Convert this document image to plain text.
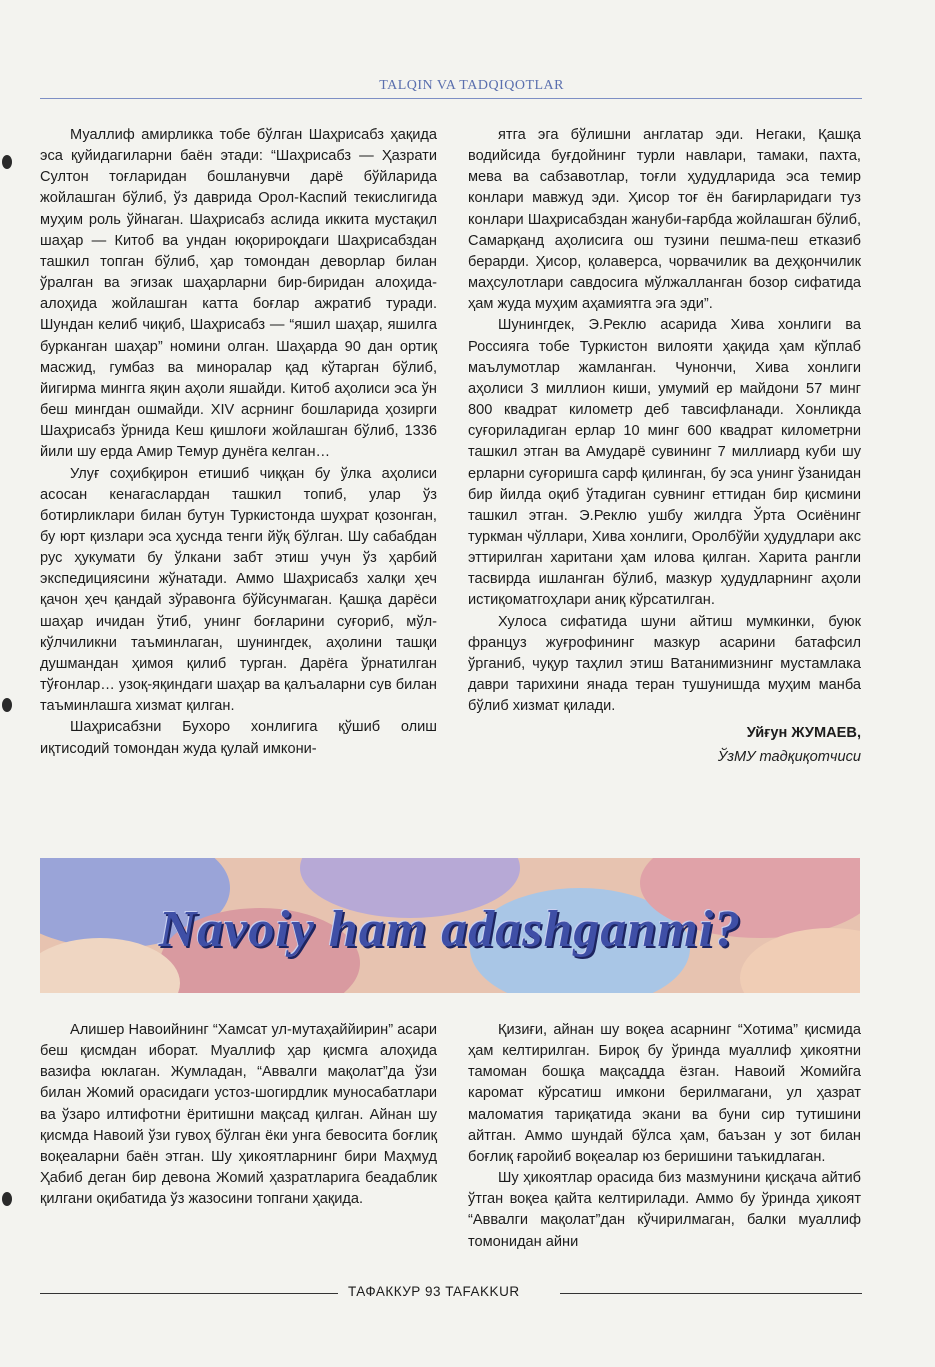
TALQIN VA TADQIQOTLAR

Муаллиф амирликка тобе бўлган Шаҳрисабз ҳақида эса қуйидагиларни баён этади: “Шаҳрисабз — Ҳазрати Султон тоғларидан бошланувчи дарё бўйларида жойлашган бўлиб, ўз даврида Орол-Каспий текислигида муҳим роль ўйнаган. Шаҳрисабз аслида иккита мустақил шаҳар — Китоб ва ундан юқорироқдаги Шаҳрисабздан ташкил топган бўлиб, ҳар томондан деворлар билан ўралган ва эгизак шаҳарларни бир-биридан алоҳида-алоҳида жойлашган катта боғлар ажратиб туради. Шундан келиб чиқиб, Шаҳрисабз — “яшил шаҳар, яшилга бурканган шаҳар” номини олган. Шаҳарда 90 дан ортиқ масжид, гумбаз ва миноралар қад кўтарган бўлиб, йигирма мингга яқин аҳоли яшайди. Китоб аҳолиси эса ўн беш мингдан ошмайди. XIV асрнинг бошларида ҳозирги Шаҳрисабз ўрнида Кеш қишлоғи жойлашган бўлиб, 1336 йили шу ерда Амир Темур дунёга келган…

Улуғ соҳибқирон етишиб чиққан бу ўлка аҳолиси асосан кенагаслардан ташкил топиб, улар ўз ботирликлари билан бутун Туркистонда шуҳрат қозонган, бу юрт қизлари эса ҳуснда тенги йўқ бўлган. Шу сабабдан рус ҳукумати бу ўлкани забт этиш учун ўз ҳарбий экспедициясини жўнатади. Аммо Шаҳрисабз халқи ҳеч қачон ҳеч қандай зўравонга бўйсунмаган. Қашқа дарёси шаҳар ичидан ўтиб, унинг боғларини суғориб, мўл-кўлчиликни таъминлаган, шунингдек, аҳолини ташқи душмандан ҳимоя қилиб турган. Дарёга ўрнатилган тўғонлар… узоқ-яқиндаги шаҳар ва қалъаларни сув билан таъминлашга хизмат қилган.

Шаҳрисабзни Бухоро хонлигига қўшиб олиш иқтисодий томондан жуда қулай имкони-

ятга эга бўлишни англатар эди. Негаки, Қашқа водийсида буғдойнинг турли навлари, тамаки, пахта, мева ва сабзавотлар, тоғли ҳудудларида эса темир конлари мавжуд эди. Ҳисор тоғ ён бағирларидаги туз конлари Шаҳрисабздан жануби-ғарбда жойлашган бўлиб, Самарқанд аҳолисига ош тузини пешма-пеш етказиб берарди. Ҳисор, қолаверса, чорвачилик ва деҳқончилик маҳсулотлари савдосига мўлжалланган бозор сифатида ҳам жуда муҳим аҳамиятга эга эди”.

Шунингдек, Э.Реклю асарида Хива хонлиги ва Россияга тобе Туркистон вилояти ҳақида ҳам кўплаб маълумотлар жамланган. Чунончи, Хива хонлиги аҳолиси 3 миллион киши, умумий ер майдони 57 минг 800 квадрат километр деб тавсифланади. Хонликда суғориладиган ерлар 10 минг 600 квадрат километрни ташкил этган ва Амударё сувининг 7 миллиард куби шу ерларни суғоришга сарф қилинган, бу эса унинг ўзанидан бир йилда оқиб ўтадиган сувнинг еттидан бир қисмини ташкил этган. Э.Реклю ушбу жилдга Ўрта Осиёнинг туркман чўллари, Хива хонлиги, Оролбўйи ҳудудлари акс эттирилган харитани ҳам илова қилган. Харита рангли тасвирда ишланган бўлиб, мазкур ҳудудларнинг аҳоли истиқоматгоҳлари аниқ кўрсатилган.

Хулоса сифатида шуни айтиш мумкинки, буюк француз жуғрофининг мазкур асарини батафсил ўрганиб, чуқур таҳлил этиш Ватанимизнинг мустамлака даври тарихини янада теран тушунишда муҳим манба бўлиб хизмат қилади.

Уйғун ЖУМАЕВ,
ЎзМУ тадқиқотчиси
Navoiy ham adashganmi?

Алишер Навоийнинг “Хамсат ул-мутаҳаййирин” асари беш қисмдан иборат. Муаллиф ҳар қисмга алоҳида вазифа юклаган. Жумладан, “Аввалги мақолат”да ўзи билан Жомий орасидаги устоз-шогирдлик муносабатлари ва ўзаро илтифотни ёритишни мақсад қилган. Айнан шу қисмда Навоий ўзи гувоҳ бўлган ёки унга бевосита боғлиқ воқеаларни баён этган. Шу ҳикоятларнинг бири Маҳмуд Ҳабиб деган бир девона Жомий ҳазратларига беадаблик қилгани оқибатида ўз жазосини топгани ҳақида.

Қизиғи, айнан шу воқеа асарнинг “Хотима” қисмида ҳам келтирилган. Бироқ бу ўринда муаллиф ҳикоятни тамоман бошқа мақсадда ёзган. Навоий Жомийга каромат кўрсатиш имкони берилмагани, ул ҳазрат маломатия тариқатида экани ва буни сир тутишини айтган. Аммо шундай бўлса ҳам, баъзан у зот билан боғлиқ ғаройиб воқеалар юз беришини таъкидлаган.

Шу ҳикоятлар орасида биз мазмунини қисқача айтиб ўтган воқеа қайта келтирилади. Аммо бу ўринда ҳикоят “Аввалги мақолат”дан кўчирилмаган, балки муаллиф томонидан айни

ТАФАККУР 93 TAFAKKUR
